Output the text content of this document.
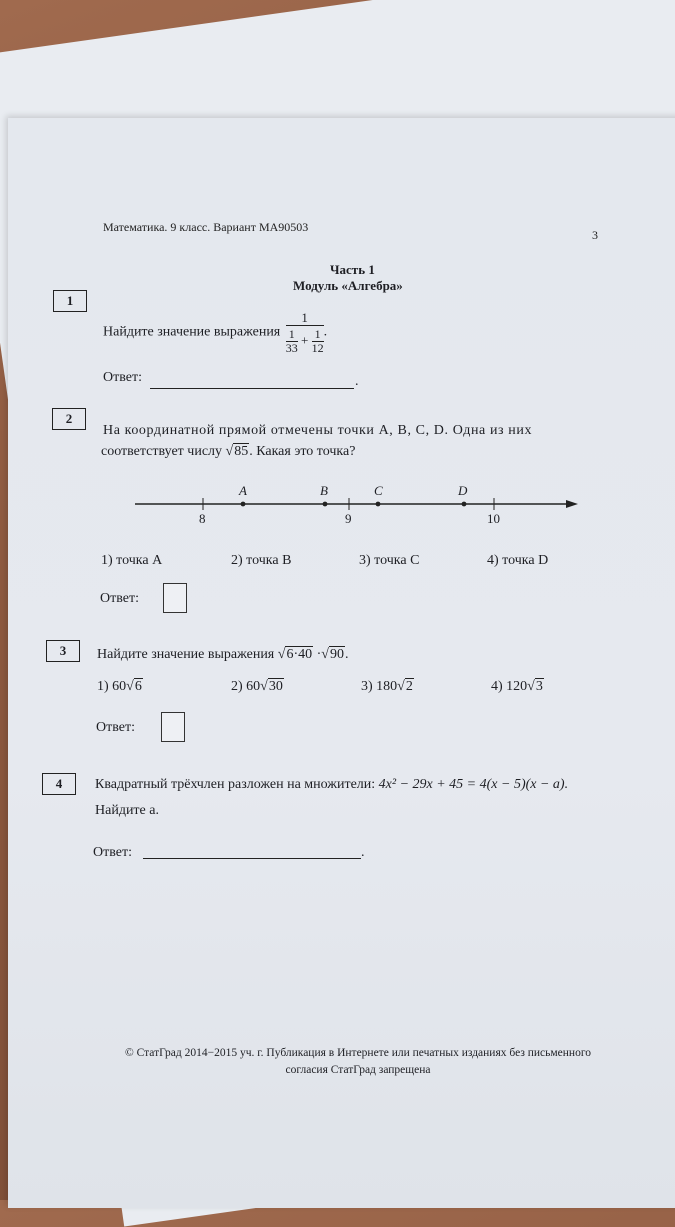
Математика. 9 класс. Вариант МА90503
3
Часть 1
Модуль «Алгебра»
1
Найдите значение выражения $\frac{1}{\frac{1}{33} + \frac{1}{12}}$ .
Ответ:	.
2
На координатной прямой отмечены точки A, B, C, D. Одна из них
соответствует числу √85. Какая это точка?
A	B	C	D
8	9	10
1) точка A	2) точка B	3) точка C	4) точка D
Ответ:
3	Найдите значение выражения √6·40 ·√90.
1) 60√6	2) 60√30	3) 180√2	4) 120√3
Ответ:
4	Квадратный трёхчлен разложен на множители: 4x² − 29x + 45 = 4(x − 5)(x − a).
Найдите a.
Ответ:	.
© СтатГрад 2014−2015 уч. г. Публикация в Интернете или печатных изданиях без письменного
согласия СтатГрад запрещена
